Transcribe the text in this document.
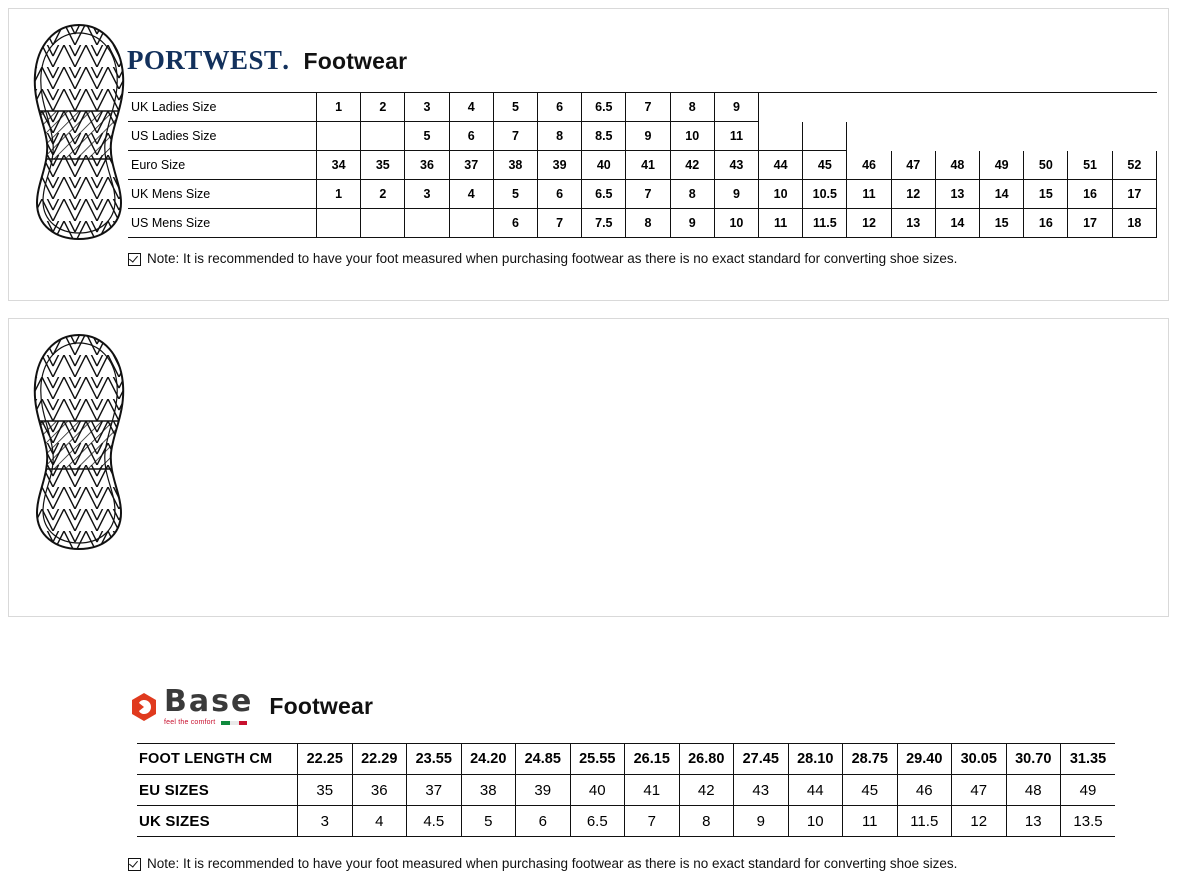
PORTWEST . Footwear
UK Ladies Size	1	2	3	4	5	6	6.5	7	8	9									
US Ladies Size			5	6	7	8	8.5	9	10	11									
Euro Size	34	35	36	37	38	39	40	41	42	43	44	45	46	47	48	49	50	51	52
UK Mens Size	1	2	3	4	5	6	6.5	7	8	9	10	10.5	11	12	13	14	15	16	17
US Mens Size					6	7	7.5	8	9	10	11	11.5	12	13	14	15	16	17	18
Note: It is recommended to have your foot measured when purchasing footwear as there is no exact standard for converting shoe sizes.
Base
feel the comfort
Footwear
FOOT LENGTH CM	22.25	22.29	23.55	24.20	24.85	25.55	26.15	26.80	27.45	28.10	28.75	29.40	30.05	30.70	31.35
EU SIZES	35	36	37	38	39	40	41	42	43	44	45	46	47	48	49
UK SIZES	3	4	4.5	5	6	6.5	7	8	9	10	11	11.5	12	13	13.5
Note: It is recommended to have your foot measured when purchasing footwear as there is no exact standard for converting shoe sizes.
